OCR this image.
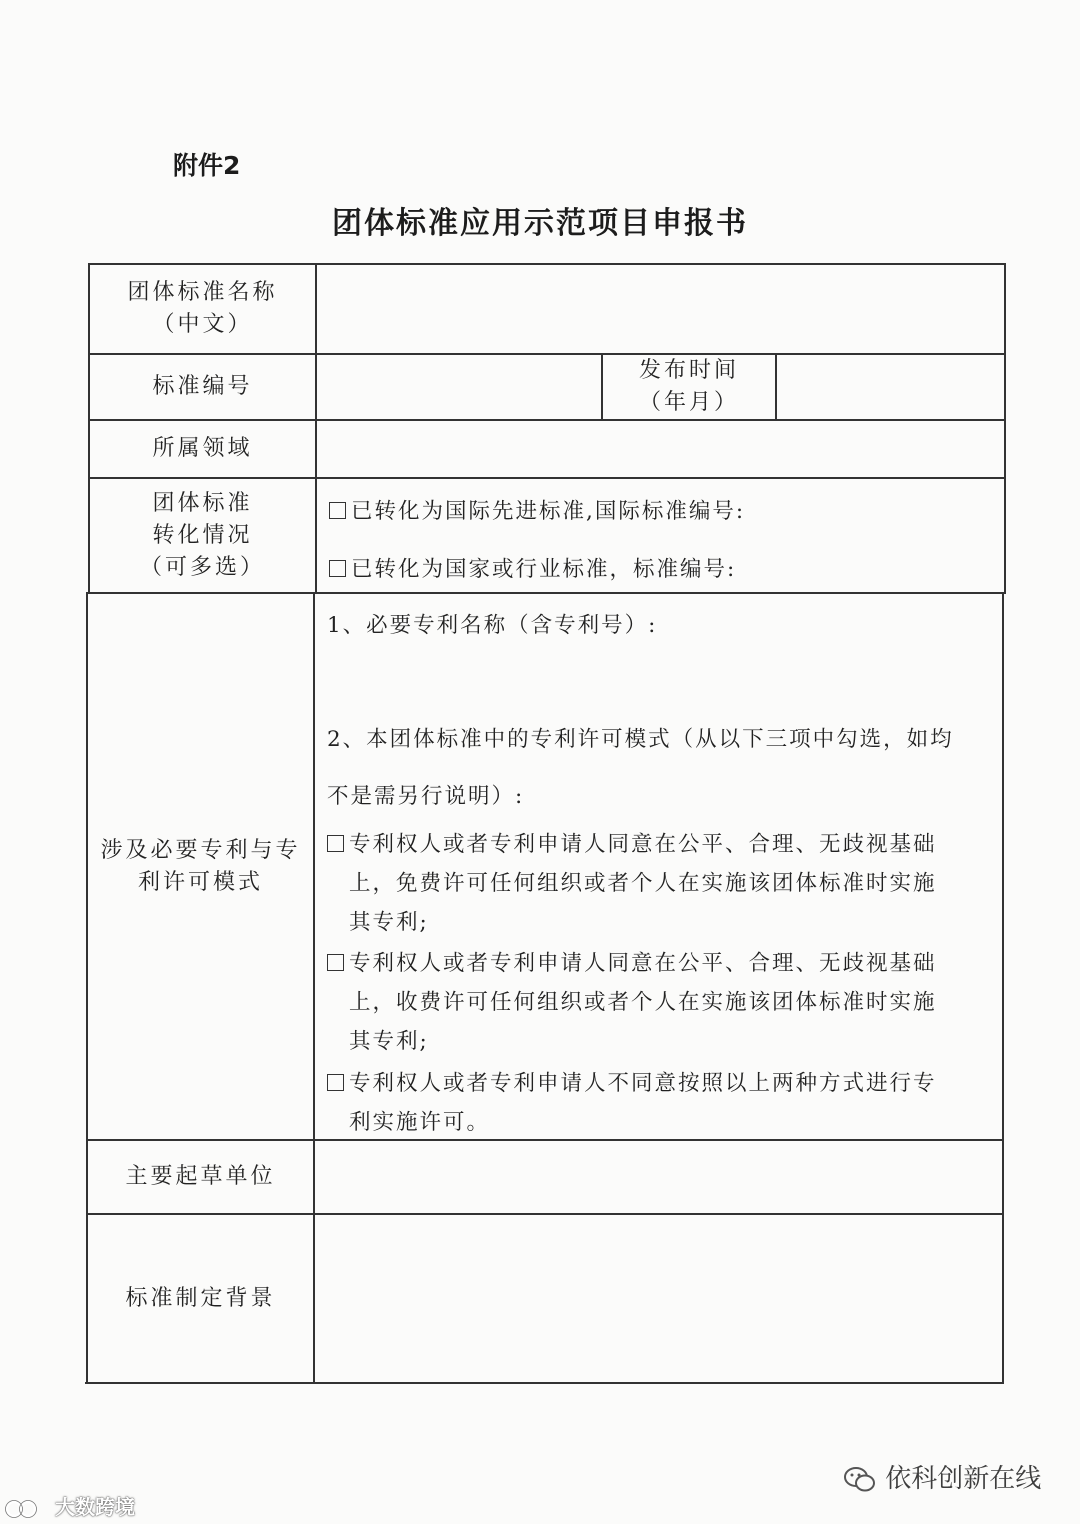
附件2
团体标准应用示范项目申报书
团体标准名称
（中文）
标准编号
发布时间
（年月）
所属领域
团体标准
转化情况
（可多选）
已转化为国际先进标准,国际标准编号:
已转化为国家或行业标准，标准编号:
涉及必要专利与专
利许可模式
1、必要专利名称（含专利号）:
2、本团体标准中的专利许可模式（从以下三项中勾选，如均
不是需另行说明）:
专利权人或者专利申请人同意在公平、合理、无歧视基础
上，免费许可任何组织或者个人在实施该团体标准时实施
其专利;
专利权人或者专利申请人同意在公平、合理、无歧视基础
上，收费许可任何组织或者个人在实施该团体标准时实施
其专利;
专利权人或者专利申请人不同意按照以上两种方式进行专
利实施许可。
主要起草单位
标准制定背景
依科创新在线
大数跨境
